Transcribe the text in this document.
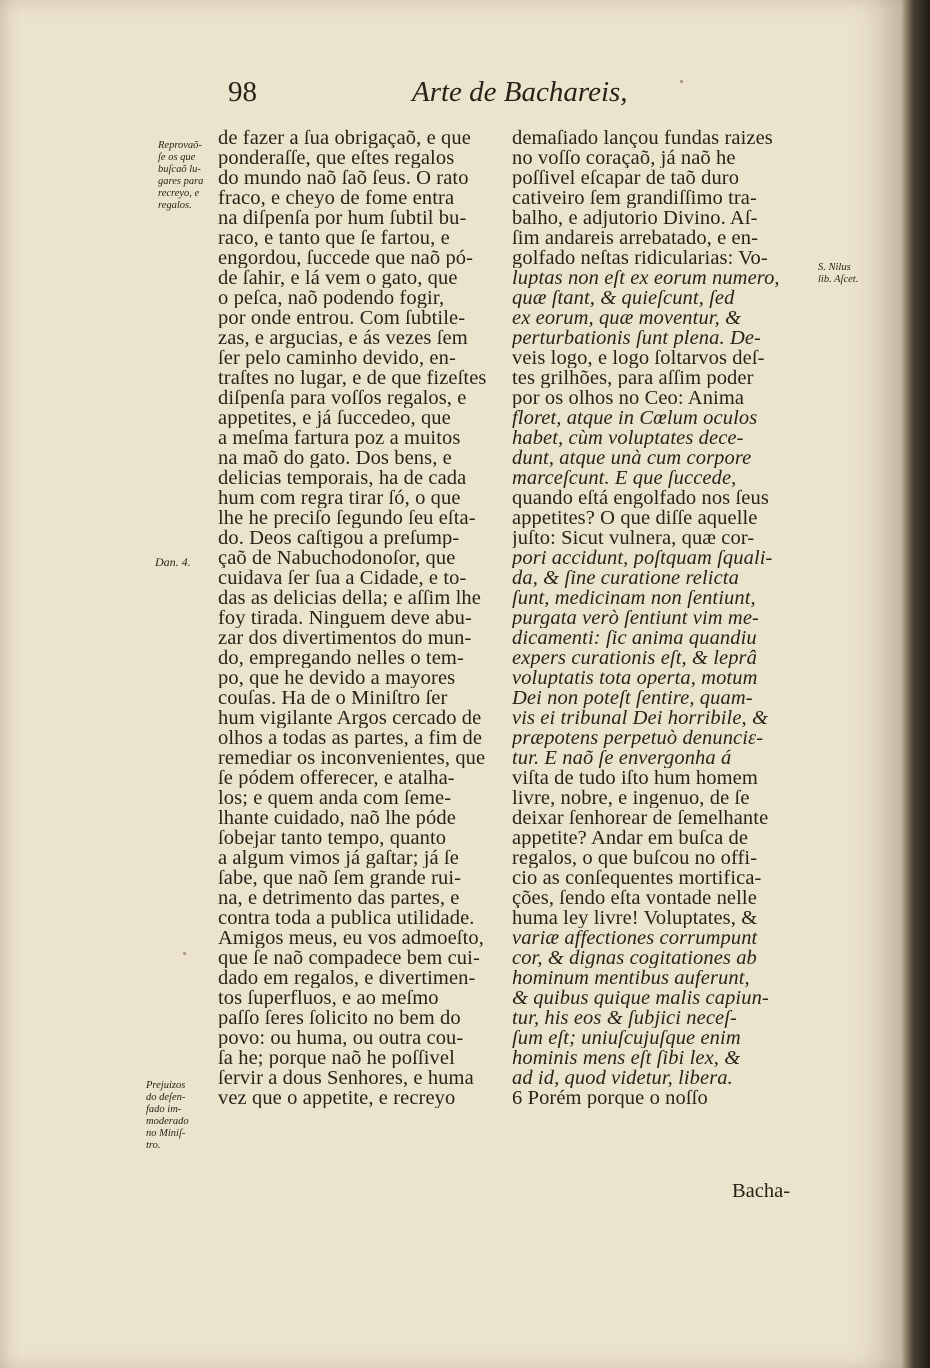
98	Arte de Bachareis,
de fazer a ſua obrigaçaõ, e que
ponderaſſe, que eſtes regalos
do mundo naõ ſaõ ſeus. O rato
fraco, e cheyo de fome entra
na diſpenſa por hum ſubtil bu-
raco, e tanto que ſe fartou, e
engordou, ſuccede que naõ pó-
de ſahir, e lá vem o gato, que
o peſca, naõ podendo fogir,
por onde entrou. Com ſubtile-
zas, e argucias, e ás vezes ſem
ſer pelo caminho devido, en-
traſtes no lugar, e de que fizeſtes
diſpenſa para voſſos regalos, e
appetites, e já ſuccedeo, que
a meſma fartura poz a muitos
na maõ do gato. Dos bens, e
delicias temporais, ha de cada
hum com regra tirar ſó, o que
lhe he preciſo ſegundo ſeu eſta-
do. Deos caſtigou a preſump-
çaõ de Nabuchodonoſor, que
cuidava ſer ſua a Cidade, e to-
das as delicias della; e aſſim lhe
foy tirada. Ninguem deve abu-
zar dos divertimentos do mun-
do, empregando nelles o tem-
po, que he devido a mayores
couſas. Ha de o Miniſtro ſer
hum vigilante Argos cercado de
olhos a todas as partes, a fim de
remediar os inconvenientes, que
ſe pódem offerecer, e atalha-
los; e quem anda com ſeme-
lhante cuidado, naõ lhe póde
ſobejar tanto tempo, quanto
a algum vimos já gaſtar; já ſe
ſabe, que naõ ſem grande rui-
na, e detrimento das partes, e
contra toda a publica utilidade.
Amigos meus, eu vos admoeſto,
que ſe naõ compadece bem cui-
dado em regalos, e divertimen-
tos ſuperfluos, e ao meſmo
paſſo ſeres ſolicito no bem do
povo: ou huma, ou outra cou-
ſa he; porque naõ he poſſivel
ſervir a dous Senhores, e huma
vez que o appetite, e recreyo
demaſiado lançou fundas raizes
no voſſo coraçaõ, já naõ he
poſſivel eſcapar de taõ duro
cativeiro ſem grandiſſimo tra-
balho, e adjutorio Divino. Aſ-
ſim andareis arrebatado, e en-
golfado neſtas ridicularias: Vo-
luptas non eſt ex eorum numero,
quæ ſtant, & quieſcunt, ſed
ex eorum, quæ moventur, &
perturbationis ſunt plena. De-
veis logo, e logo ſoltarvos deſ-
tes grilhões, para aſſim poder
por os olhos no Ceo: Anima
floret, atque in Cœlum oculos
habet, cùm voluptates dece-
dunt, atque unà cum corpore
marceſcunt. E que ſuccede,
quando eſtá engolfado nos ſeus
appetites? O que diſſe aquelle
juſto: Sicut vulnera, quæ cor-
pori accidunt, poſtquam ſquali-
da, & ſine curatione relicta
ſunt, medicinam non ſentiunt,
purgata verò ſentiunt vim me-
dicamenti: ſic anima quandiu
expers curationis eſt, & leprâ
voluptatis tota operta, motum
Dei non poteſt ſentire, quam-
vis ei tribunal Dei horribile, &
præpotens perpetuò denunciε-
tur. E naõ ſe envergonha á
viſta de tudo iſto hum homem
livre, nobre, e ingenuo, de ſe
deixar ſenhorear de ſemelhante
appetite? Andar em buſca de
regalos, o que buſcou no offi-
cio as conſequentes mortifica-
ções, ſendo eſta vontade nelle
huma ley livre! Voluptates, &
variæ affectiones corrumpunt
cor, & dignas cogitationes ab
hominum mentibus auferunt,
& quibus quique malis capiun-
tur, his eos & ſubjici neceſ-
ſum eſt; uniuſcujuſque enim
hominis mens eſt ſibi lex, &
ad id, quod videtur, libera.
6 Porém porque o noſſo
Reprovaõ-
ſe os que
buſcaõ lu-
gares para
recreyo, e
regalos.
Dan. 4.
Prejuizos
do deſen-
fado im-
moderado
no Miniſ-
tro.
S. Nilus
lib. Aſcet.
Bacha-
